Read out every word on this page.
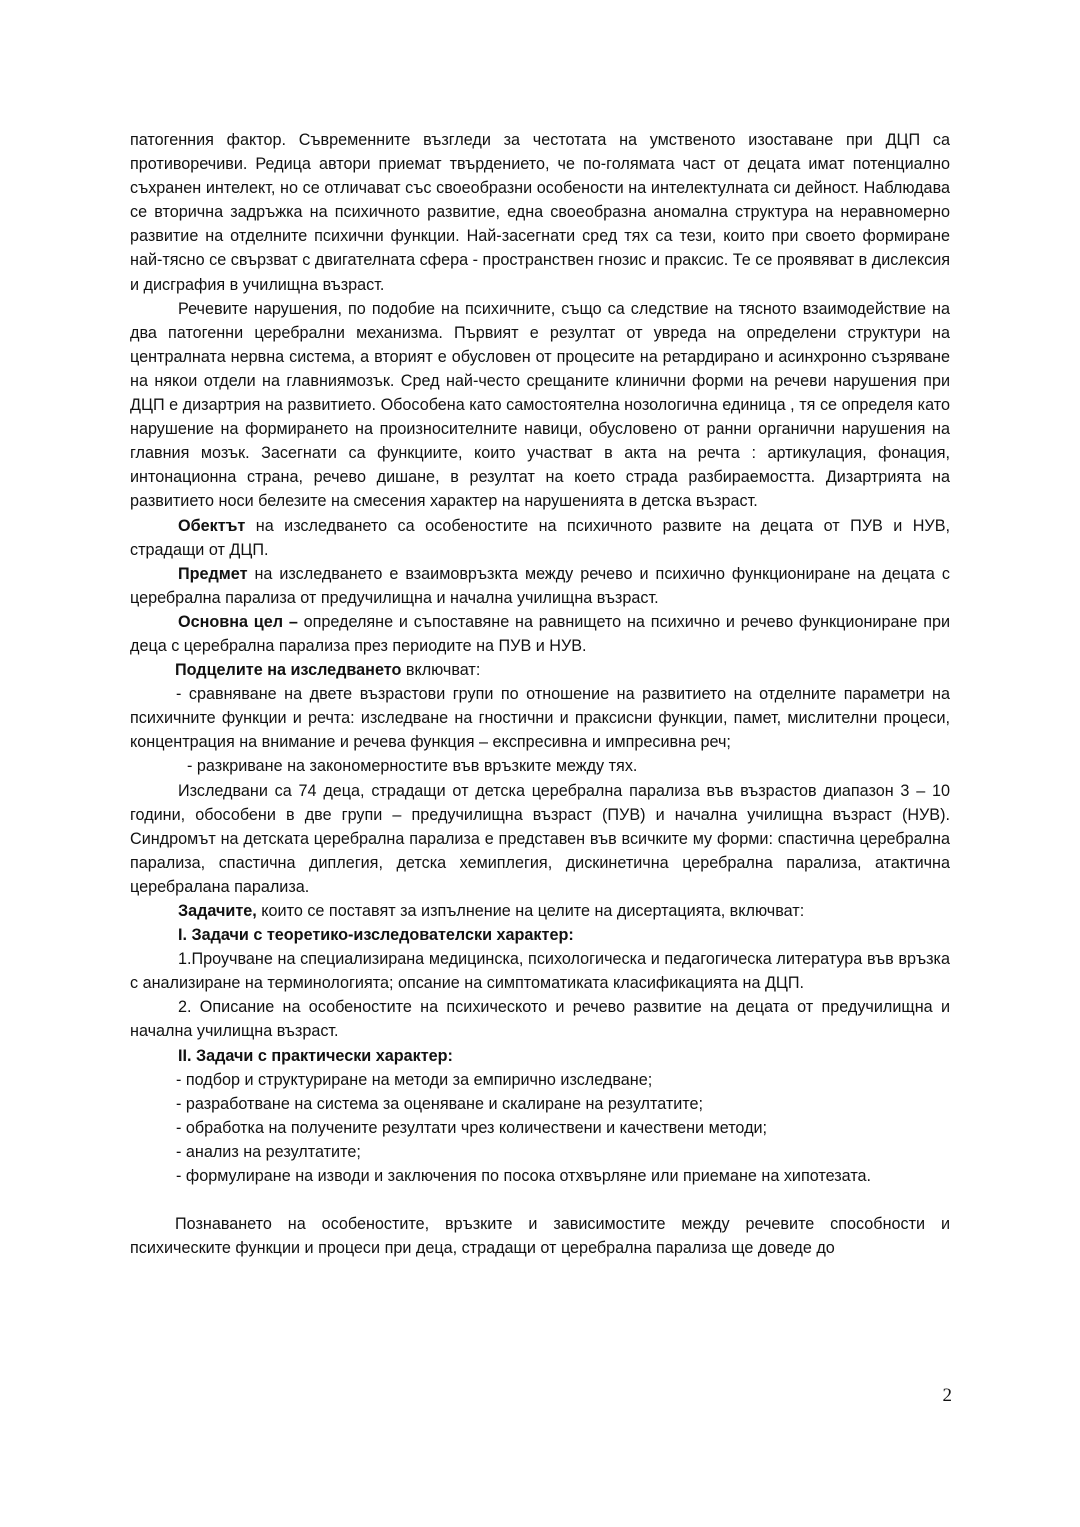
патогенния фактор. Съвременните възгледи за честотата на умственото изоставане при ДЦП са противоречиви. Редица автори приемат твърдението, че по-голямата част от децата имат потенциално съхранен интелект, но се отличават със своеобразни особености на интелектулната си дейност. Наблюдава се вторична задръжка на психичното развитие, една своеобразна аномална структура на неравномерно развитие на отделните психични функции. Най-засегнати сред тях са тези, които при своето формиране най-тясно се свързват с двигателната сфера - пространствен гнозис и праксис. Те се проявяват в дислексия и дисграфия в училищна възраст.

Речевите нарушения, по подобие на психичните, също са следствие на тясното взаимодействие на два патогенни церебрални механизма. Първият е резултат от увреда на определени структури на централната нервна система, а вторият е обусловен от процесите на ретардирано и асинхронно съзряване на някои отдели на главниямозък. Сред най-често срещаните клинични форми на речеви нарушения при ДЦП е дизартрия на развитието. Обособена като самостоятелна нозологична единица , тя се определя като нарушение на формирането на произносителните навици, обусловено от ранни органични нарушения на главния мозък. Засегнати са функциите, които участват в акта на речта : артикулация, фонация, интонационна страна, речево дишане, в резултат на което страда разбираемостта. Дизартрията на развитието носи белезите на смесения характер на нарушенията в детска възраст.

Обектът на изследването са особеностите на психичното развите на децата от ПУВ и НУВ, страдащи от ДЦП.

Предмет на изследването е взаимовръзкта между речево и психично функциониране на децата с церебрална парализа от предучилищна и начална училищна възраст.

Основна цел – определяне и съпоставяне на равнището на психично и речево функциониране при деца с церебрална парализа през периодите на ПУВ и НУВ.

Подцелите на изследването включват:

- сравняване на двете възрастови групи по отношение на развитието на отделните параметри на психичните функции и речта: изследване на гностични и праксисни функции, памет, мислителни процеси, концентрация на внимание и речева функция – експресивна и импресивна реч;

- разкриване на закономерностите във връзките между тях.

Изследвани са 74 деца, страдащи от детска церебрална парализа във възрастов диапазон 3 – 10 години, обособени в две групи – предучилищна възраст (ПУВ) и начална училищна възраст (НУВ). Синдромът на детската церебрална парализа е представен във всичките му форми: спастична церебрална парализа, спастична диплегия, детска хемиплегия, дискинетична церебрална парализа, атактична церебралана парализа.

Задачите, които се поставят за изпълнение на целите на дисертацията, включват:

I. Задачи с теоретико-изследователски характер:

1.Проучване на специализирана медицинска, психологическа и педагогическа литература във връзка с анализиране на терминологията; опсание на симптоматиката класификацията на ДЦП.

2. Описание на особеностите на психическото и речево развитие на децата от предучилищна и начална училищна възраст.

II. Задачи с практически характер:

- подбор и структуриране на методи за емпирично изследване;

- разработване на система за оценяване и скалиране на резултатите;

- обработка на получените резултати чрез количествени и качествени методи;

- анализ на резултатите;

- формулиране на изводи и заключения по посока отхвърляне или приемане на хипотезата.

Познаването на особеностите, връзките и зависимостите между речевите способности и психическите функции и процеси при деца, страдащи от церебрална парализа ще доведе до

2
